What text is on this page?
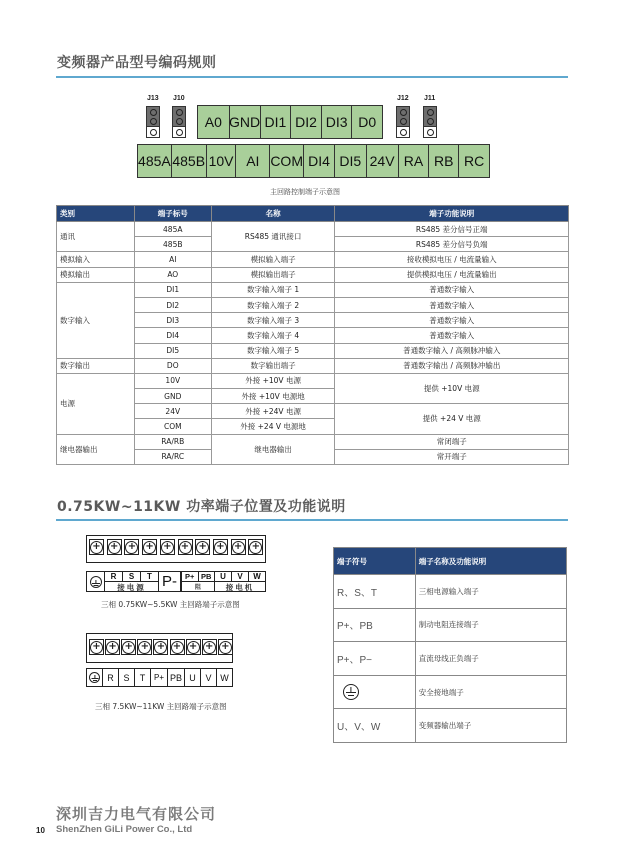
变频器产品型号编码规则
J13 J10	J12 J11
A0 GND DI1 DI2 DI3 D0
485A 485B 10V AI COM DI4 DI5 24V RA RB RC
主回路控制端子示意图
类别	端子标号	名称	端子功能说明
通讯	485A	RS485 通讯接口	RS485 差分信号正端
	485B		RS485 差分信号负端
模拟输入	AI	模拟输入端子	接收模拟电压 / 电流量输入
模拟输出	AO	模拟输出端子	提供模拟电压 / 电流量输出
数字输入	DI1	数字输入端子 1	普通数字输入
	DI2	数字输入端子 2	普通数字输入
	DI3	数字输入端子 3	普通数字输入
	DI4	数字输入端子 4	普通数字输入
	DI5	数字输入端子 5	普通数字输入 / 高频脉冲输入
数字输出	DO	数字输出端子	普通数字输出 / 高频脉冲输出
电源	10V	外接 +10V 电源	提供 +10V 电源
	GND	外接 +10V 电源地	
	24V	外接 +24V 电源	提供 +24 V 电源
	COM	外接 +24 V 电源地	
继电器输出	RA/RB	继电器输出	常闭端子
	RA/RC		常开端子
0.75KW~11KW 功率端子位置及功能说明
+
+
+
+
+
+
+
+
+
+
R	S	T
接电源	P-	P+ PB
阻
U	V	W
接电机
三相 0.75KW~5.5KW 主回路端子示意图
+
+
+
+
+
+
+
+
+
R	S	T	P+ PB U	V W
三相 7.5KW~11KW 主回路端子示意图
端子符号	端子名称及功能说明
R、S、T	三相电源输入端子
P+、PB	制动电阻连接端子
P+、P−	直流母线正负端子

	安全接地端子
U、V、W	变频器输出端子
深圳吉力电气有限公司
10 ShenZhen GiLi Power Co., Ltd
